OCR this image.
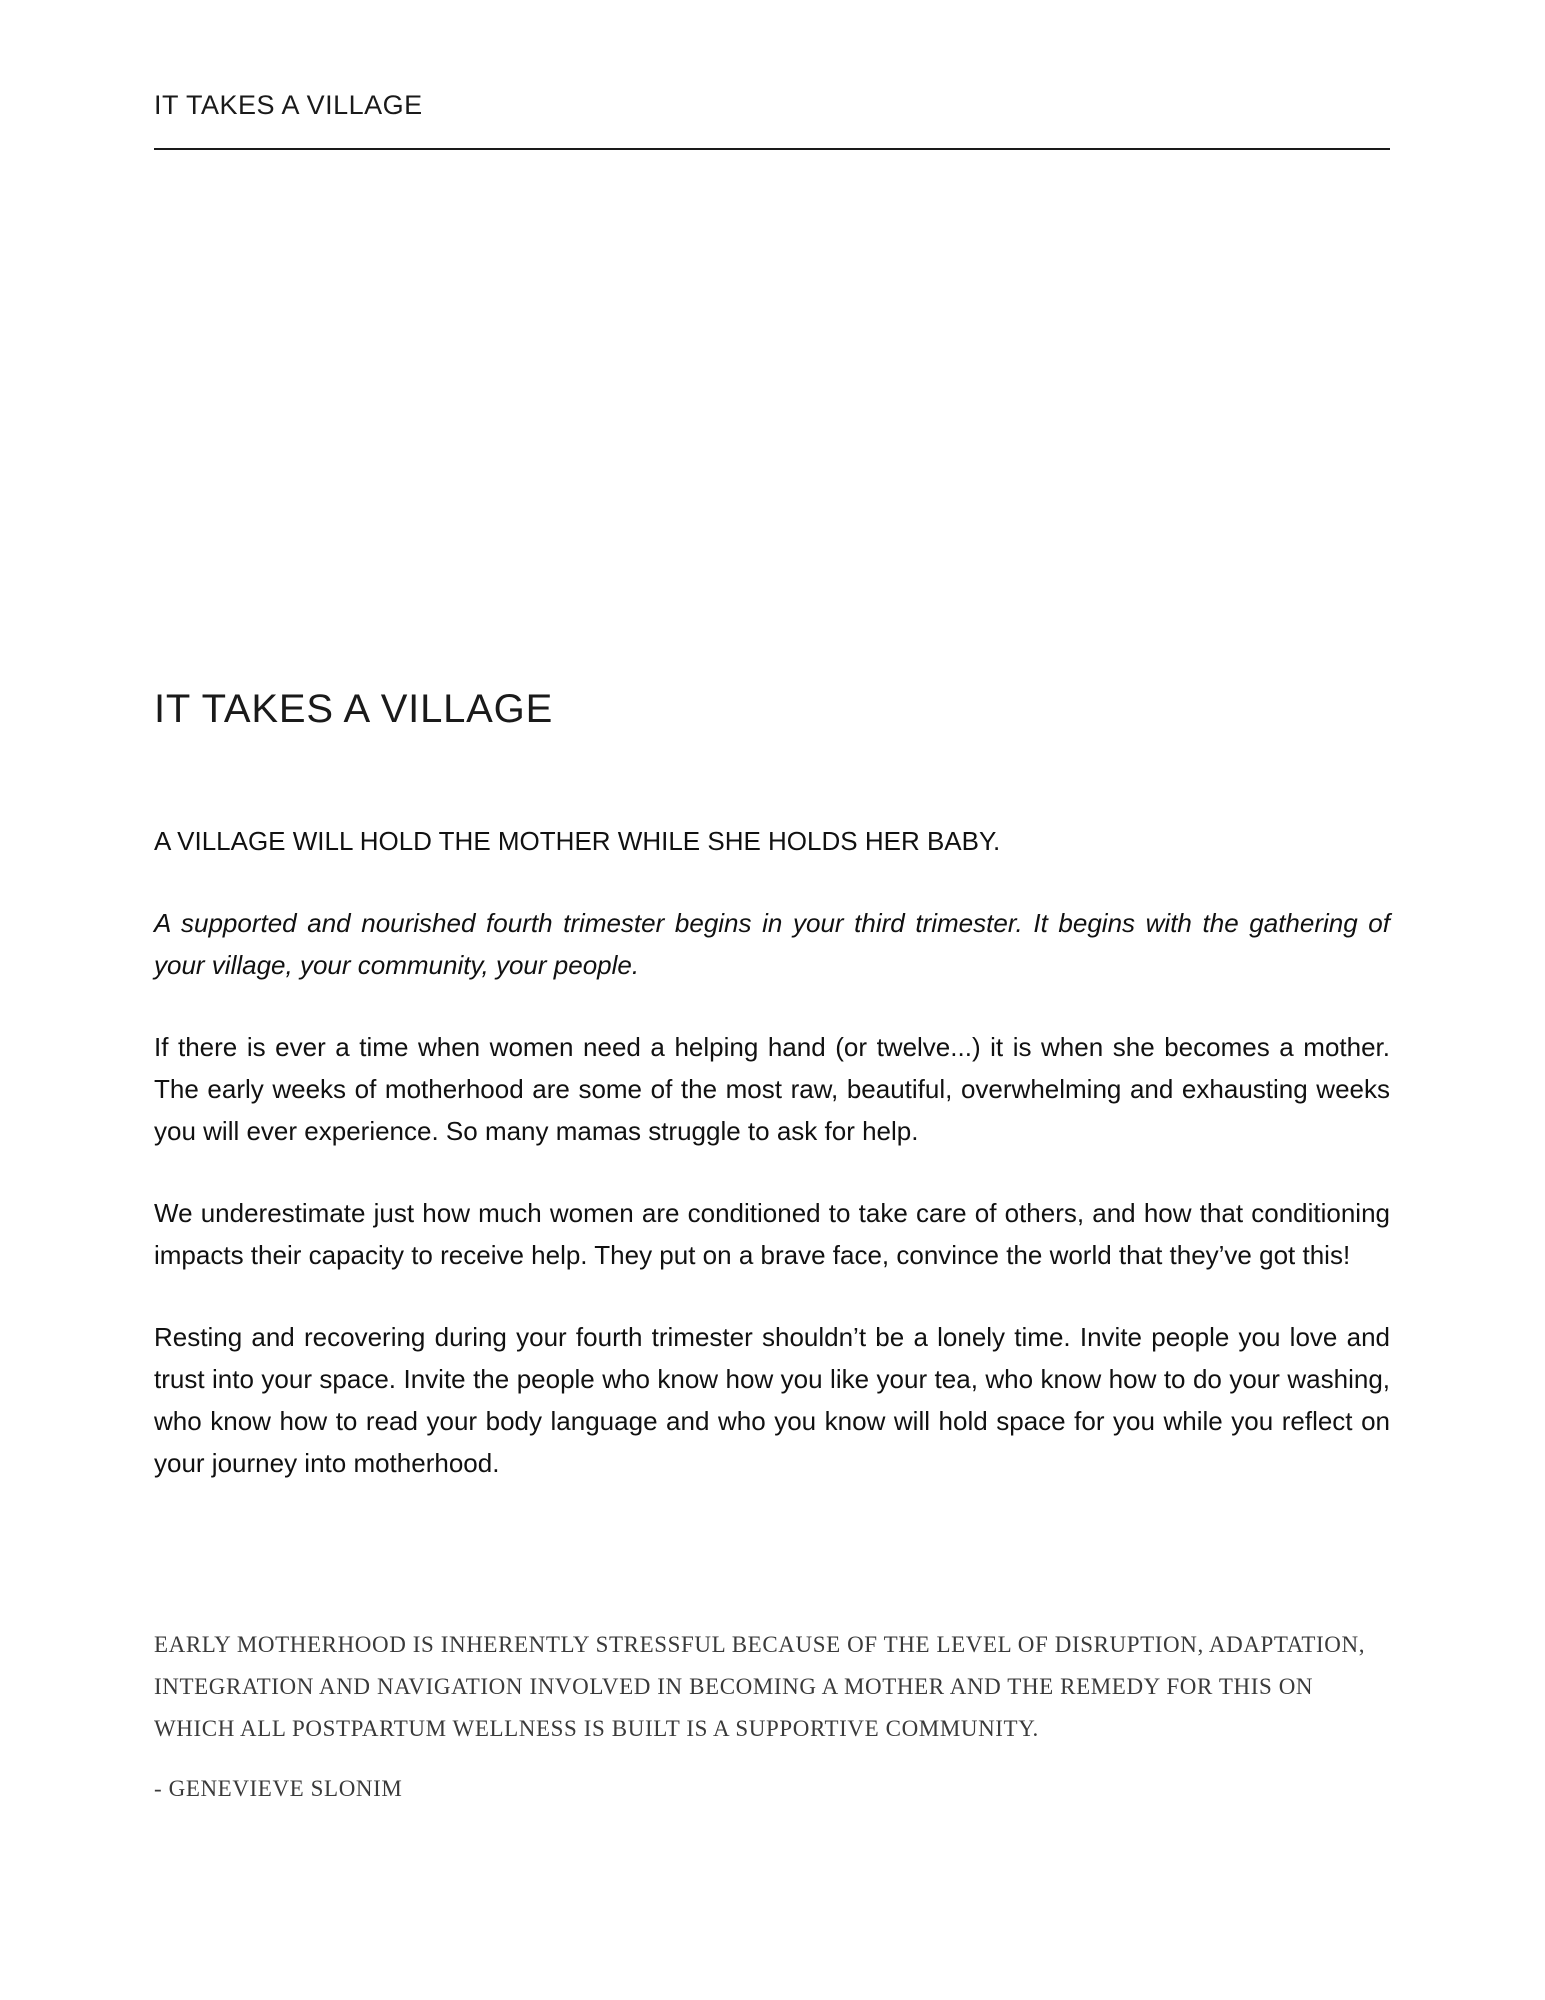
IT TAKES A VILLAGE
IT TAKES A VILLAGE

A VILLAGE WILL HOLD THE MOTHER WHILE SHE HOLDS HER BABY.

A supported and nourished fourth trimester begins in your third trimester. It begins with the gathering of your village, your community, your people.

If there is ever a time when women need a helping hand (or twelve...) it is when she becomes a mother. The early weeks of motherhood are some of the most raw, beautiful, overwhelming and exhausting weeks you will ever experience. So many mamas struggle to ask for help.

We underestimate just how much women are conditioned to take care of others, and how that conditioning impacts their capacity to receive help. They put on a brave face, convince the world that they’ve got this!

Resting and recovering during your fourth trimester shouldn’t be a lonely time. Invite people you love and trust into your space. Invite the people who know how you like your tea, who know how to do your washing, who know how to read your body language and who you know will hold space for you while you reflect on your journey into motherhood.

EARLY MOTHERHOOD IS INHERENTLY STRESSFUL BECAUSE OF THE LEVEL OF DISRUPTION, ADAPTATION, INTEGRATION AND NAVIGATION INVOLVED IN BECOMING A MOTHER AND THE REMEDY FOR THIS ON WHICH ALL POSTPARTUM WELLNESS IS BUILT IS A SUPPORTIVE COMMUNITY.

- GENEVIEVE SLONIM
